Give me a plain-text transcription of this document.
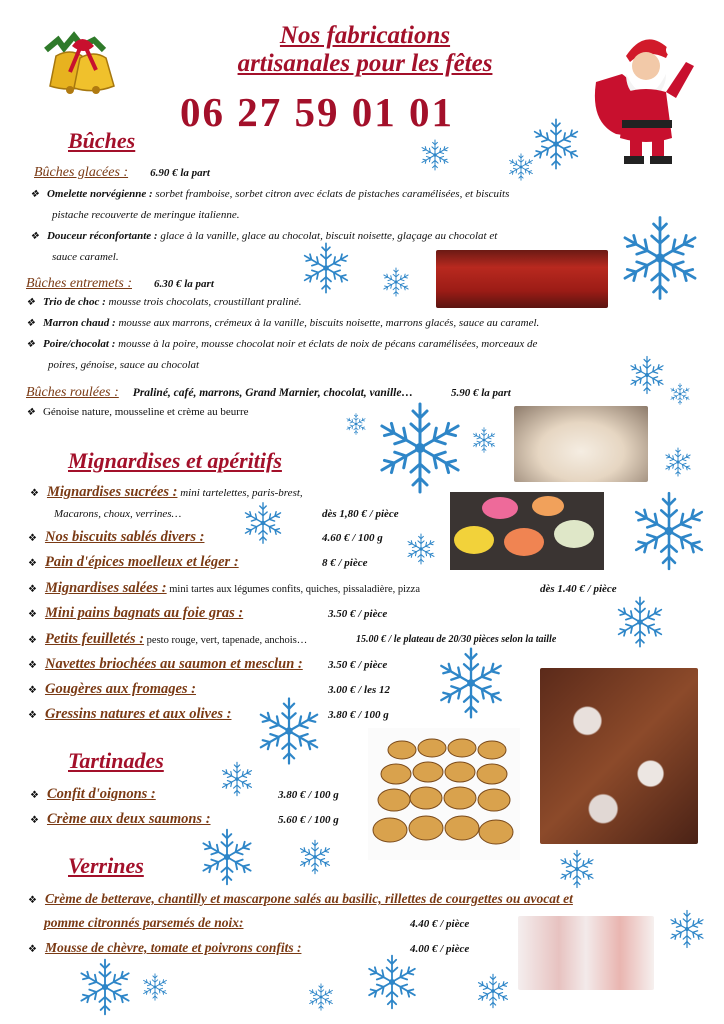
Nos fabrications
artisanales pour les fêtes
06 27 59 01 01
Bûches
Bûches glacées : 6.90 € la part
❖ Omelette norvégienne : sorbet framboise, sorbet citron avec éclats de pistaches caramélisées, et biscuits
pistache recouverte de meringue italienne.
❖ Douceur réconfortante : glace à la vanille, glace au chocolat, biscuit noisette, glaçage au chocolat et
sauce caramel.
Bûches entremets : 6.30 € la part
❖ Trio de choc : mousse trois chocolats, croustillant praliné.
❖ Marron chaud : mousse aux marrons, crémeux à la vanille, biscuits noisette, marrons glacés, sauce au caramel.
❖ Poire/chocolat : mousse à la poire, mousse chocolat noir et éclats de noix de pécans caramélisées, morceaux de
poires, génoise, sauce au chocolat
Bûches roulées : Praliné, café, marrons, Grand Marnier, chocolat, vanille…	5.90 € la part
❖ Génoise nature, mousseline et crème au beurre
Mignardises et apéritifs
❖ Mignardises sucrées : mini tartelettes, paris-brest,
Macarons, choux, verrines…	dès 1,80 € / pièce
❖ Nos biscuits sablés divers :	4.60 € / 100 g
❖ Pain d'épices moelleux et léger :	8 € / pièce
❖ Mignardises salées : mini tartes aux légumes confits, quiches, pissaladière, pizza	dès 1.40 € / pièce
❖ Mini pains bagnats au foie gras :	3.50 € / pièce
❖ Petits feuilletés : pesto rouge, vert, tapenade, anchois…	15.00 € / le plateau de 20/30 pièces selon la taille
❖ Navettes briochées au saumon et mesclun : 3.50 € / pièce
❖ Gougères aux fromages :	3.00 € / les 12
❖ Gressins natures et aux olives :	3.80 € / 100 g
Tartinades
❖ Confit d'oignons :	3.80 € / 100 g
❖ Crème aux deux saumons :	5.60 € / 100 g
Verrines
❖ Crème de betterave, chantilly et mascarpone salés au basilic, rillettes de courgettes ou avocat et
pomme citronnés parsemés de noix:	4.40 € / pièce
❖ Mousse de chèvre, tomate et poivrons confits :	4.00 € / pièce
